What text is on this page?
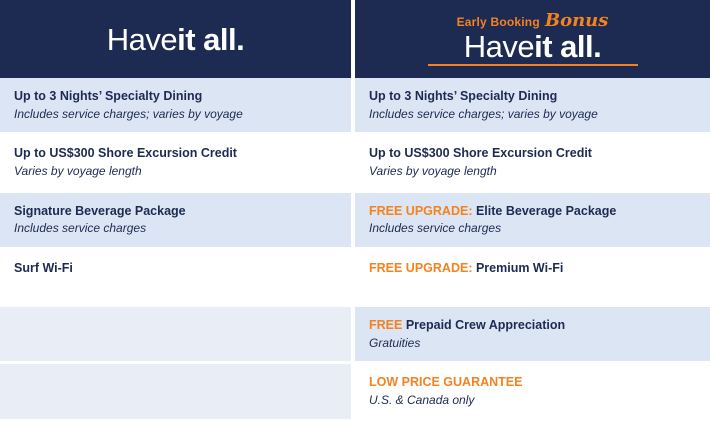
Haveit all.	Early Booking Bonus
Haveit all.
Up to 3 Nights’ Specialty Dining
Includes service charges; varies by voyage
Up to US$300 Shore Excursion Credit
Varies by voyage length
Signature Beverage Package
Includes service charges
Surf Wi-Fi
Up to 3 Nights’ Specialty Dining
Includes service charges; varies by voyage
Up to US$300 Shore Excursion Credit
Varies by voyage length
FREE UPGRADE: Elite Beverage Package
Includes service charges
FREE UPGRADE: Premium Wi-Fi
FREE Prepaid Crew Appreciation
Gratuities
LOW PRICE GUARANTEE
U.S. & Canada only
